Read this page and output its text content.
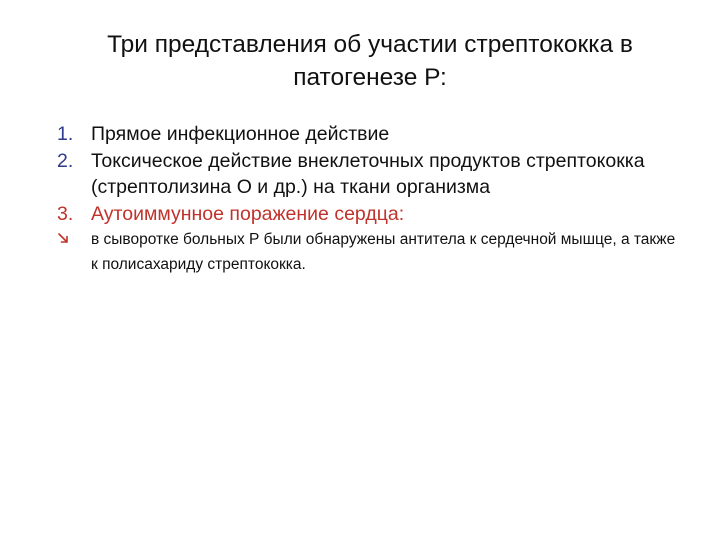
Три представления об участии стрептококка в патогенезе Р:
1. Прямое инфекционное действие
2. Токсическое действие внеклеточных продуктов стрептококка (стрептолизина О и др.) на ткани организма
3. Аутоиммунное поражение сердца:
в сыворотке больных Р были обнаружены антитела к сердечной мышце, а также к полисахариду стрептококка.
